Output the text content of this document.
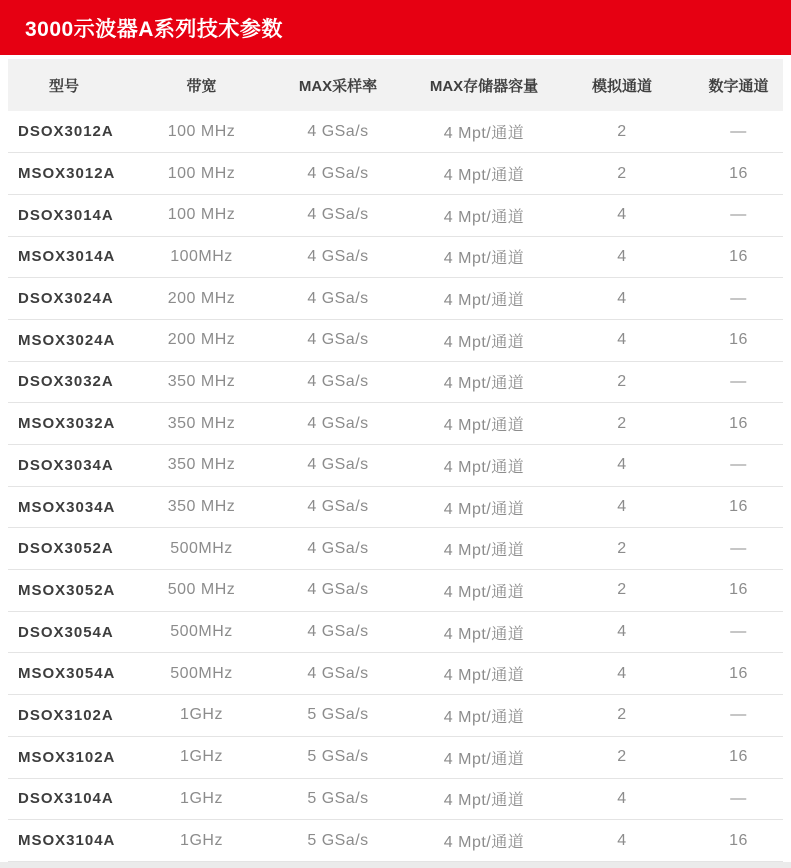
3000示波器A系列技术参数
型号	带宽	MAX采样率	MAX存储器容量	模拟通道	数字通道
DSOX3012A	100 MHz	4 GSa/s	4 Mpt/通道	2	—
MSOX3012A	100 MHz	4 GSa/s	4 Mpt/通道	2	16
DSOX3014A	100 MHz	4 GSa/s	4 Mpt/通道	4	—
MSOX3014A	100MHz	4 GSa/s	4 Mpt/通道	4	16
DSOX3024A	200 MHz	4 GSa/s	4 Mpt/通道	4	—
MSOX3024A	200 MHz	4 GSa/s	4 Mpt/通道	4	16
DSOX3032A	350 MHz	4 GSa/s	4 Mpt/通道	2	—
MSOX3032A	350 MHz	4 GSa/s	4 Mpt/通道	2	16
DSOX3034A	350 MHz	4 GSa/s	4 Mpt/通道	4	—
MSOX3034A	350 MHz	4 GSa/s	4 Mpt/通道	4	16
DSOX3052A	500MHz	4 GSa/s	4 Mpt/通道	2	—
MSOX3052A	500 MHz	4 GSa/s	4 Mpt/通道	2	16
DSOX3054A	500MHz	4 GSa/s	4 Mpt/通道	4	—
MSOX3054A	500MHz	4 GSa/s	4 Mpt/通道	4	16
DSOX3102A	1GHz	5 GSa/s	4 Mpt/通道	2	—
MSOX3102A	1GHz	5 GSa/s	4 Mpt/通道	2	16
DSOX3104A	1GHz	5 GSa/s	4 Mpt/通道	4	—
MSOX3104A	1GHz	5 GSa/s	4 Mpt/通道	4	16
